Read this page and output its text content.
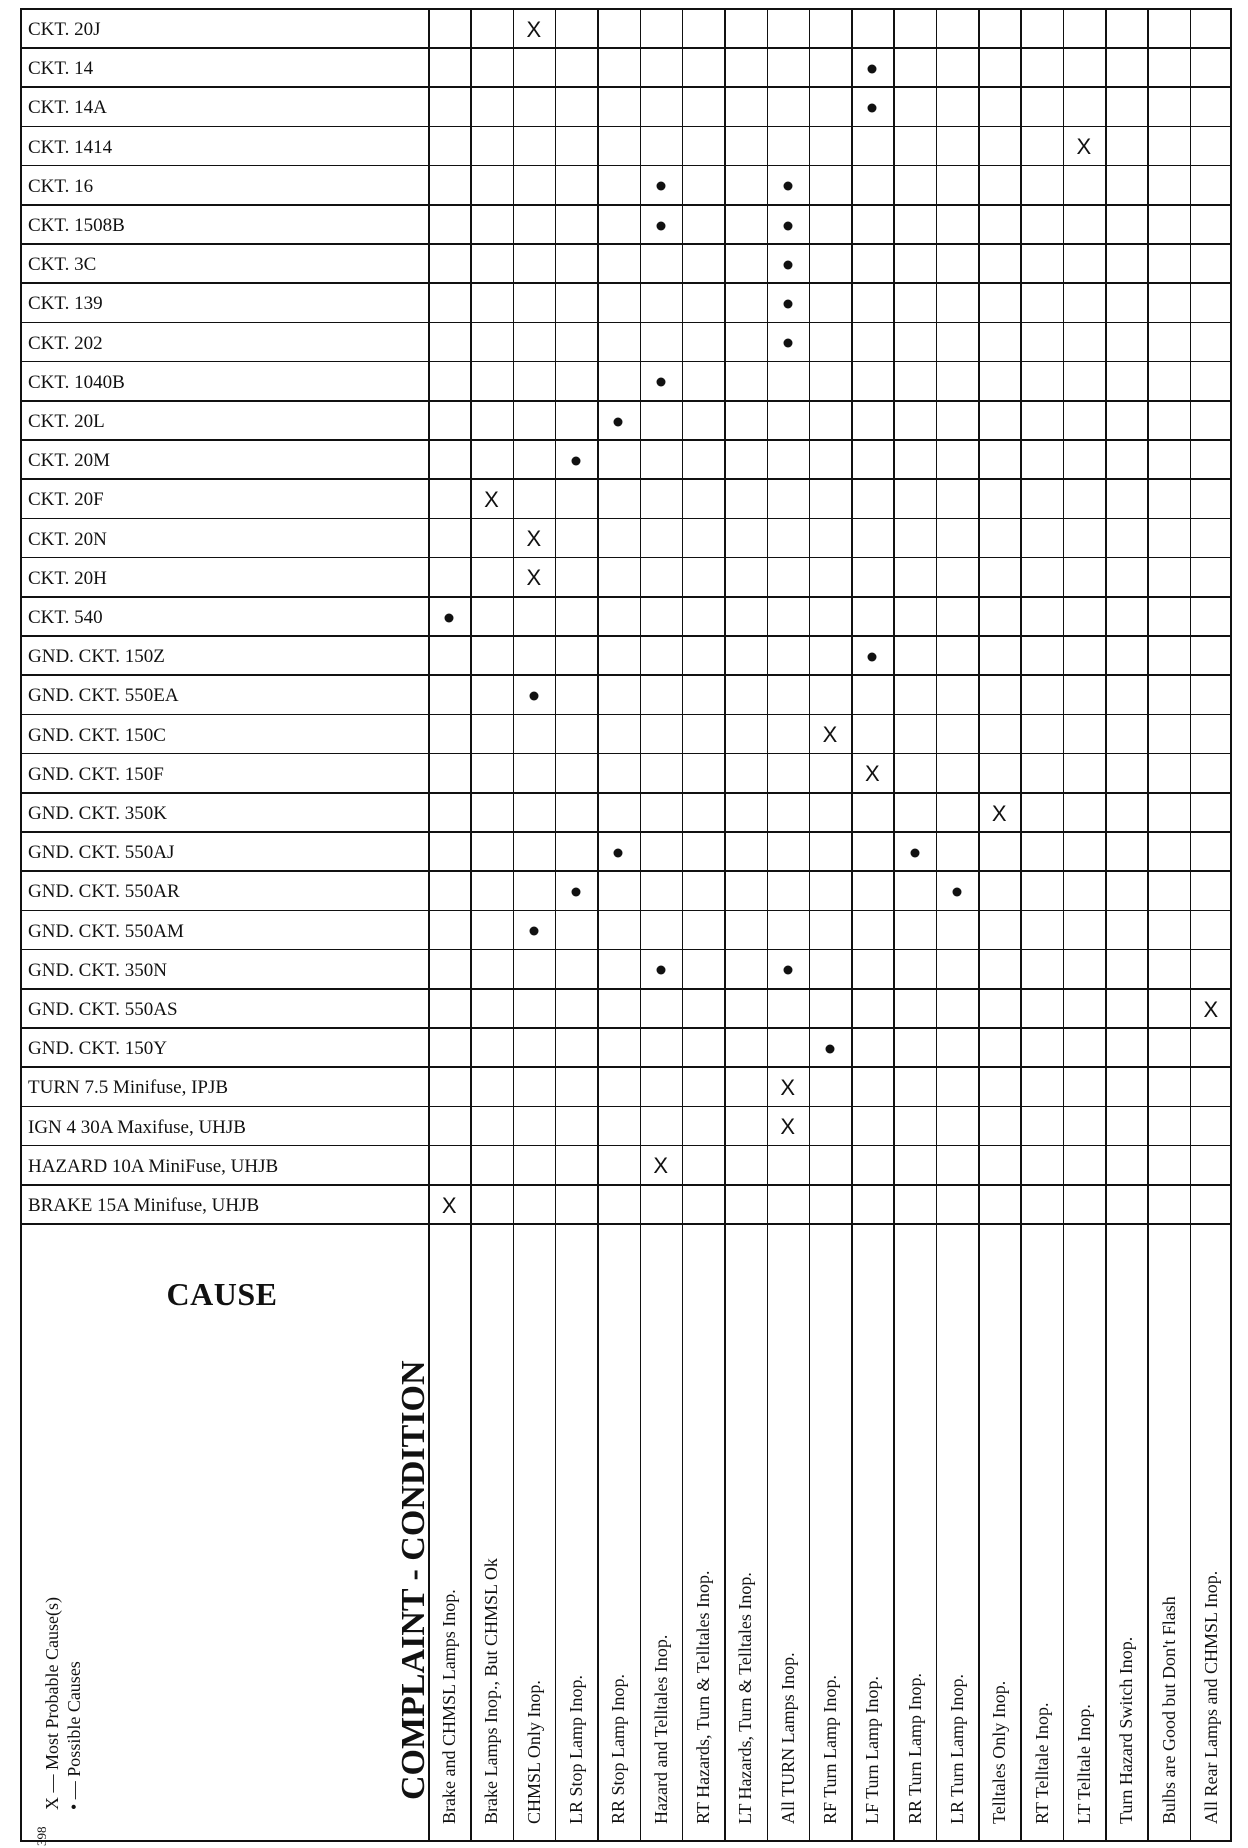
CKT. 20J
CKT. 14
CKT. 14A
CKT. 1414
CKT. 16
CKT. 1508B
CKT. 3C
CKT. 139
CKT. 202
CKT. 1040B
CKT. 20L
CKT. 20M
CKT. 20F
CKT. 20N
CKT. 20H
CKT. 540
GND. CKT. 150Z
GND. CKT. 550EA
GND. CKT. 150C
GND. CKT. 150F
GND. CKT. 350K
GND. CKT. 550AJ
GND. CKT. 550AR
GND. CKT. 550AM
GND. CKT. 350N
GND. CKT. 550AS
GND. CKT. 150Y
TURN 7.5 Minifuse, IPJB
IGN 4 30A Maxifuse, UHJB
HAZARD 10A MiniFuse, UHJB
BRAKE 15A Minifuse, UHJB
X
X
X
X
X
X
X
X
X
X
X
X
X
Brake and CHMSL Lamps Inop. Brake Lamps Inop., But CHMSL Ok CHMSL Only Inop. LR Stop Lamp Inop. RR Stop Lamp Inop. Hazard and Telltales Inop. RT Hazards, Turn & Telltales Inop. LT Hazards, Turn & Telltales Inop. All TURN Lamps Inop. RF Turn Lamp Inop. LF Turn Lamp Inop. RR Turn Lamp Inop. LR Turn Lamp Inop. Telltales Only Inop. RT Telltale Inop. LT Telltale Inop. Turn Hazard Switch Inop. Bulbs are Good but Don't Flash All Rear Lamps and CHMSL Inop.
CAUSE
COMPLAINT - CONDITION
X — Most Probable Cause(s) • — Possible Causes
398
